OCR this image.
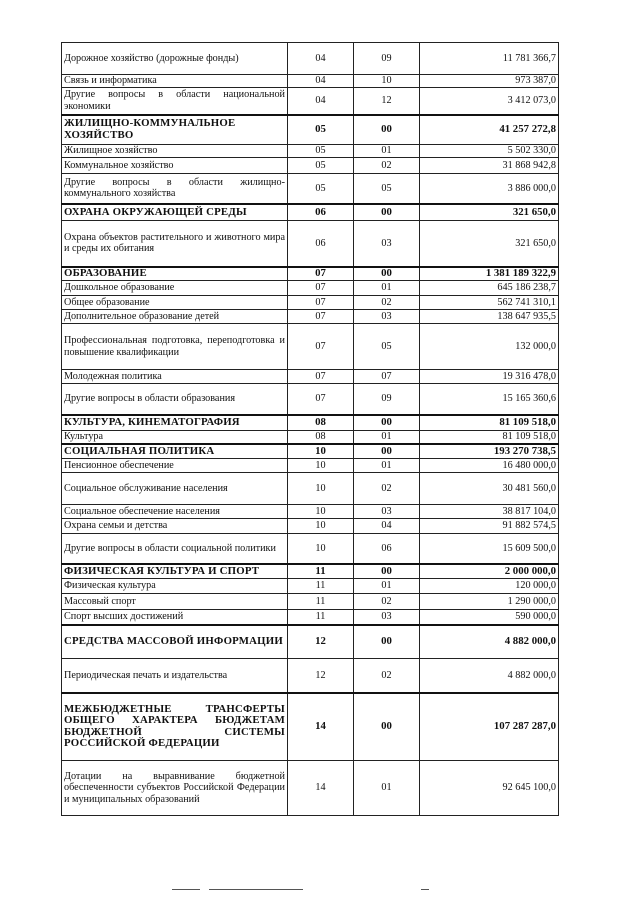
Дорожное хозяйство (дорожные фонды)	04	09	11 781 366,7
Связь и информатика	04	10	973 387,0
Другие вопросы в области национальной экономики	04	12	3 412 073,0
ЖИЛИЩНО-КОММУНАЛЬНОЕ ХОЗЯЙСТВО	05	00	41 257 272,8
Жилищное хозяйство	05	01	5 502 330,0
Коммунальное хозяйство	05	02	31 868 942,8
Другие вопросы в области жилищно-коммунального хозяйства	05	05	3 886 000,0
ОХРАНА ОКРУЖАЮЩЕЙ СРЕДЫ	06	00	321 650,0
Охрана объектов растительного и животного мира и среды их обитания	06	03	321 650,0
ОБРАЗОВАНИЕ	07	00	1 381 189 322,9
Дошкольное образование	07	01	645 186 238,7
Общее образование	07	02	562 741 310,1
Дополнительное образование детей	07	03	138 647 935,5
Профессиональная подготовка, переподготовка и повышение квалификации	07	05	132 000,0
Молодежная политика	07	07	19 316 478,0
Другие вопросы в области образования	07	09	15 165 360,6
КУЛЬТУРА, КИНЕМАТОГРАФИЯ	08	00	81 109 518,0
Культура	08	01	81 109 518,0
СОЦИАЛЬНАЯ ПОЛИТИКА	10	00	193 270 738,5
Пенсионное обеспечение	10	01	16 480 000,0
Социальное обслуживание населения	10	02	30 481 560,0
Социальное обеспечение населения	10	03	38 817 104,0
Охрана семьи и детства	10	04	91 882 574,5
Другие вопросы в области социальной политики	10	06	15 609 500,0
ФИЗИЧЕСКАЯ КУЛЬТУРА И СПОРТ	11	00	2 000 000,0
Физическая культура	11	01	120 000,0
Массовый спорт	11	02	1 290 000,0
Спорт высших достижений	11	03	590 000,0
СРЕДСТВА МАССОВОЙ ИНФОРМАЦИИ	12	00	4 882 000,0
Периодическая печать и издательства	12	02	4 882 000,0
МЕЖБЮДЖЕТНЫЕ ТРАНСФЕРТЫ ОБЩЕГО ХАРАКТЕРА БЮДЖЕТАМ БЮДЖЕТНОЙ СИСТЕМЫ РОССИЙСКОЙ ФЕДЕРАЦИИ	14	00	107 287 287,0
Дотации на выравнивание бюджетной обеспеченности субъектов Российской Федерации и муниципальных образований	14	01	92 645 100,0
